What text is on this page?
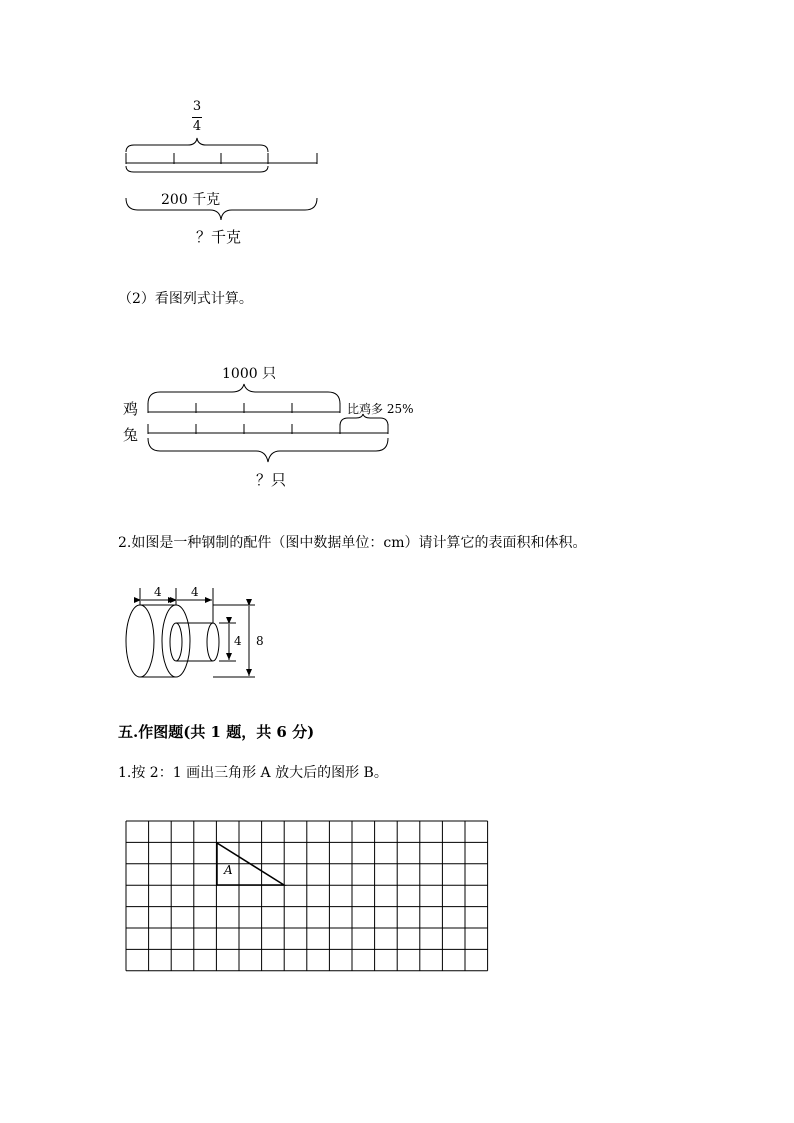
3
4
200 千克
？千克
（2）看图列式计算。
1000 只
鸡
兔
比鸡多 25%
？只
2.如图是一种钢制的配件（图中数据单位：cm）请计算它的表面积和体积。
4 4
4 8
五.作图题(共 1 题，共 6 分)
1.按 2：1 画出三角形 A 放大后的图形 B。
A
